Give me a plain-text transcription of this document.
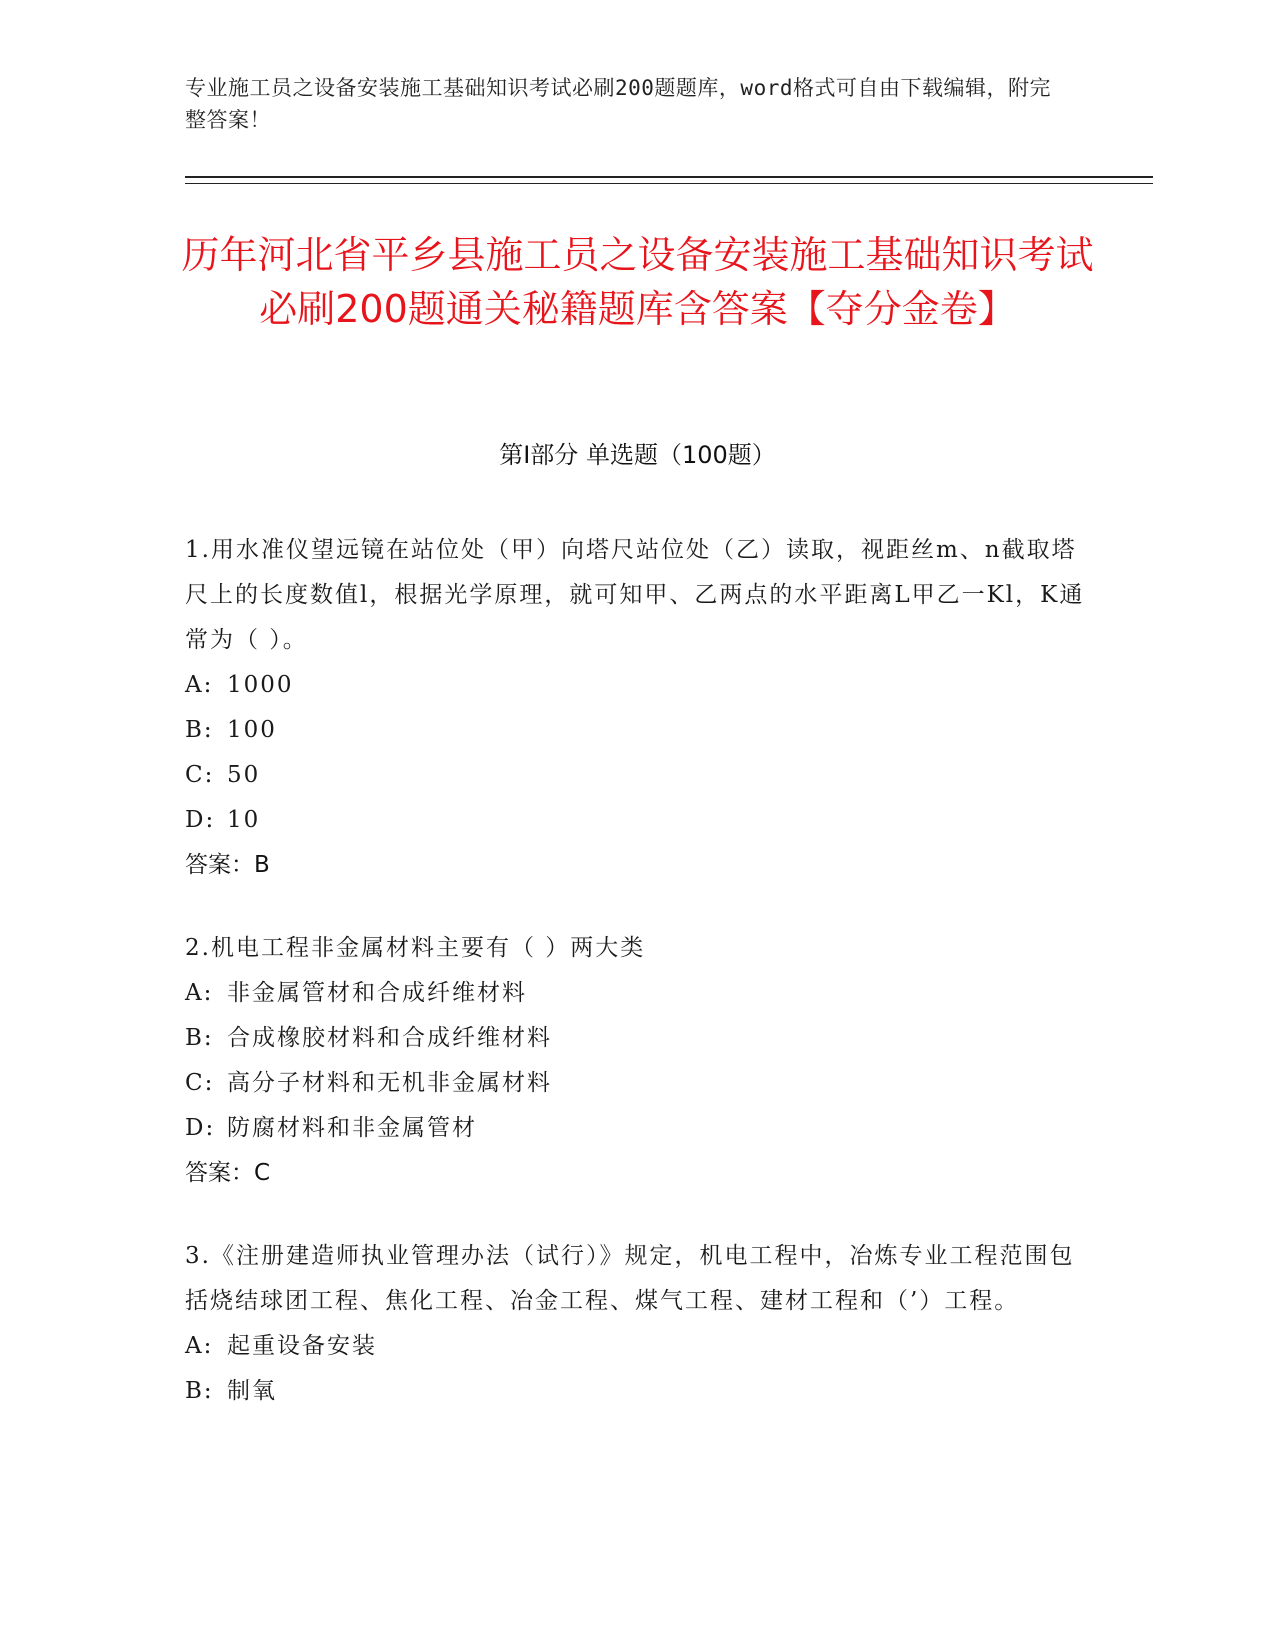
专业施工员之设备安装施工基础知识考试必刷200题题库，word格式可自由下载编辑，附完整答案！
历年河北省平乡县施工员之设备安装施工基础知识考试必刷200题通关秘籍题库含答案【夺分金卷】
第Ⅰ部分 单选题（100题）

1.用水准仪望远镜在站位处（甲）向塔尺站位处（乙）读取，视距丝m、n截取塔尺上的长度数值l，根据光学原理，就可知甲、乙两点的水平距离L甲乙一Kl，K通常为（ ）。

A: 1000

B: 100

C: 50

D: 10

答案：B

2.机电工程非金属材料主要有（ ）两大类

A: 非金属管材和合成纤维材料

B: 合成橡胶材料和合成纤维材料

C: 高分子材料和无机非金属材料

D: 防腐材料和非金属管材

答案：C

3.《注册建造师执业管理办法（试行）》规定，机电工程中，冶炼专业工程范围包括烧结球团工程、焦化工程、冶金工程、煤气工程、建材工程和（’）工程。

A: 起重设备安装

B: 制氧
